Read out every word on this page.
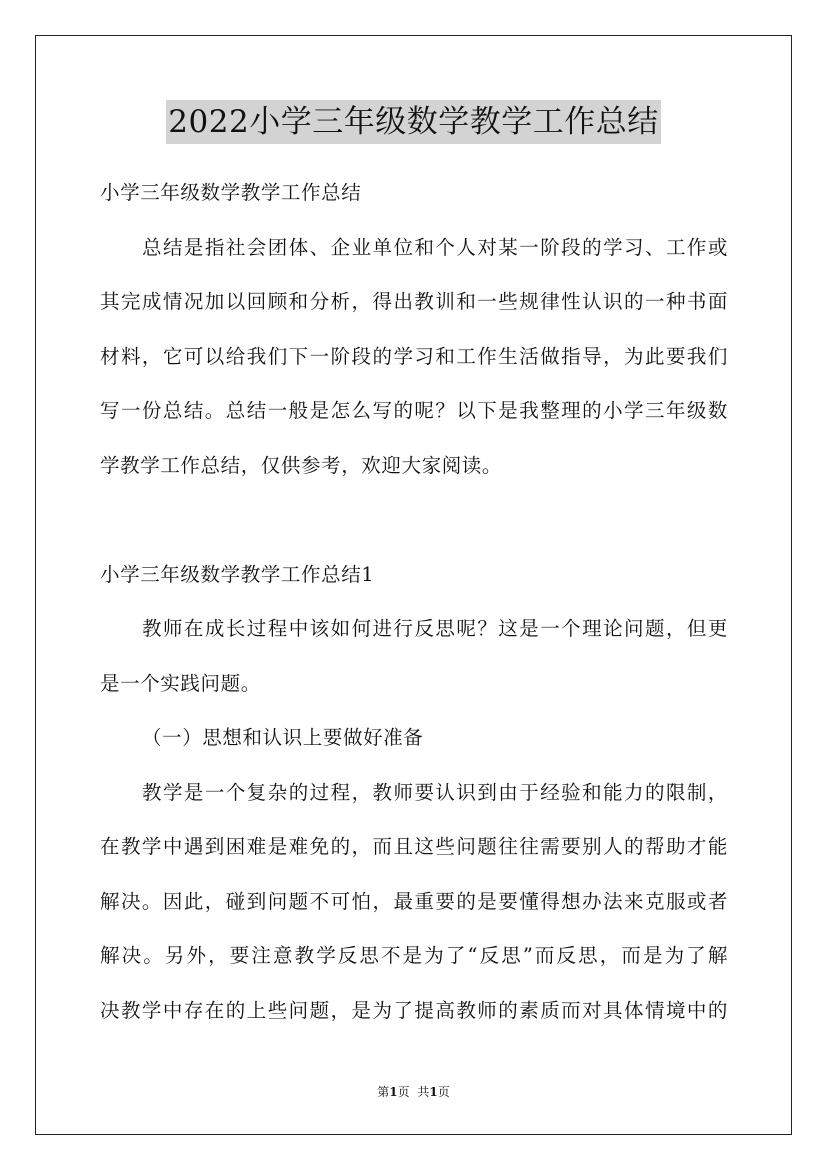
2022小学三年级数学教学工作总结
小学三年级数学教学工作总结
总结是指社会团体、企业单位和个人对某一阶段的学习、工作或
其完成情况加以回顾和分析，得出教训和一些规律性认识的一种书面
材料，它可以给我们下一阶段的学习和工作生活做指导，为此要我们
写一份总结。总结一般是怎么写的呢？以下是我整理的小学三年级数
学教学工作总结，仅供参考，欢迎大家阅读。
小学三年级数学教学工作总结1
教师在成长过程中该如何进行反思呢？这是一个理论问题，但更
是一个实践问题。
（一）思想和认识上要做好准备
教学是一个复杂的过程，教师要认识到由于经验和能力的限制，
在教学中遇到困难是难免的，而且这些问题往往需要别人的帮助才能
解决。因此，碰到问题不可怕，最重要的是要懂得想办法来克服或者
解决。另外，要注意教学反思不是为了“反思”而反思，而是为了解
决教学中存在的上些问题，是为了提高教师的素质而对具体情境中的
第1页 共1页
